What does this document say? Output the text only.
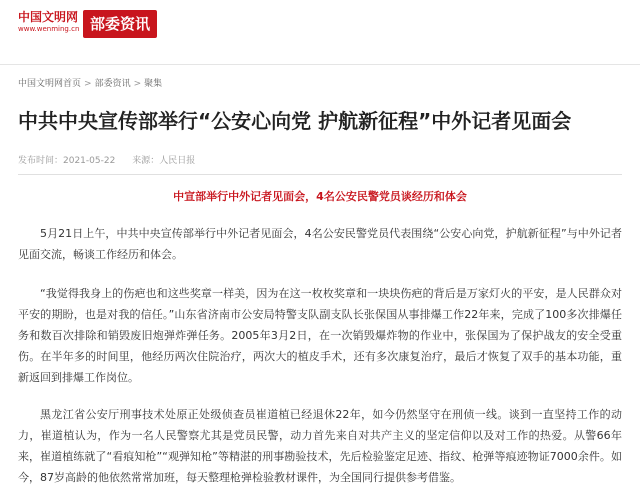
中国文明网
www.wenming.cn 部委资讯
中国文明网首页 > 部委资讯 > 聚集
中共中央宣传部举行“公安心向党 护航新征程”中外记者见面会
发布时间：2021-05-22 来源：人民日报
中宣部举行中外记者见面会，4名公安民警党员谈经历和体会

5月21日上午，中共中央宣传部举行中外记者见面会，4名公安民警党员代表围绕“公安心向党，护航新征程”与中外记者见面交流，畅谈工作经历和体会。

“我觉得我身上的伤疤也和这些奖章一样美，因为在这一枚枚奖章和一块块伤疤的背后是万家灯火的平安，是人民群众对平安的期盼，也是对我的信任。”山东省济南市公安局特警支队副支队长张保国从事排爆工作22年来，完成了100多次排爆任务和数百次排除和销毁废旧炮弹炸弹任务。2005年3月2日，在一次销毁爆炸物的作业中，张保国为了保护战友的安全受重伤。在半年多的时间里，他经历两次住院治疗，两次大的植皮手术，还有多次康复治疗，最后才恢复了双手的基本功能，重新返回到排爆工作岗位。

黑龙江省公安厅刑事技术处原正处级侦查员崔道植已经退休22年，如今仍然坚守在刑侦一线。谈到一直坚持工作的动力，崔道植认为，作为一名人民警察尤其是党员民警，动力首先来自对共产主义的坚定信仰以及对工作的热爱。从警66年来，崔道植练就了“看痕知枪”“观弹知枪”等精湛的刑事勘验技术，先后检验鉴定足迹、指纹、枪弹等痕迹物证7000余件。如今，87岁高龄的他依然常常加班，每天整理枪弹检验教材课件，为全国同行提供参考借鉴。
